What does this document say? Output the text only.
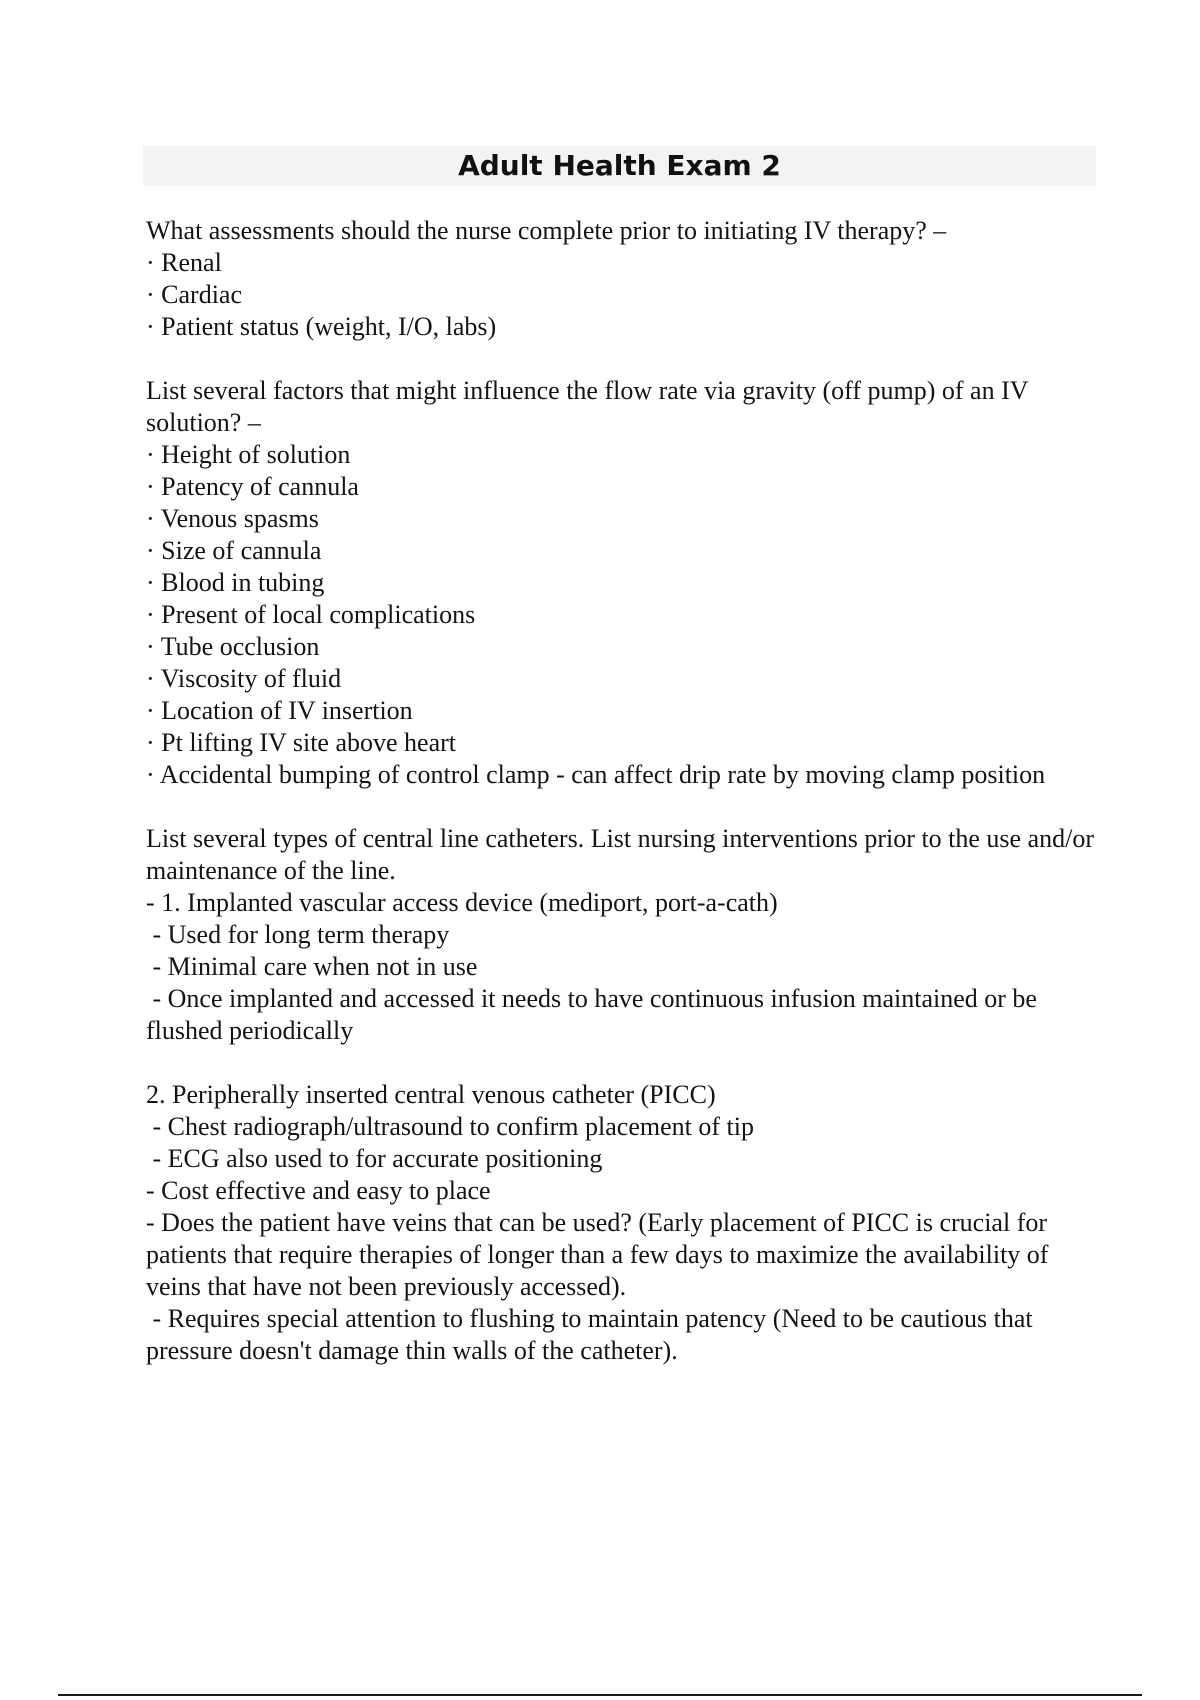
Adult Health Exam 2

What assessments should the nurse complete prior to initiating IV therapy? –

· Renal
· Cardiac
· Patient status (weight, I/O, labs)

List several factors that might influence the flow rate via gravity (off pump) of an IV solution? –

· Height of solution
· Patency of cannula
· Venous spasms
· Size of cannula
· Blood in tubing
· Present of local complications
· Tube occlusion
· Viscosity of fluid
· Location of IV insertion
· Pt lifting IV site above heart
· Accidental bumping of control clamp - can affect drip rate by moving clamp position

List several types of central line catheters. List nursing interventions prior to the use and/or maintenance of the line.

- 1. Implanted vascular access device (mediport, port-a-cath)
- Used for long term therapy
- Minimal care when not in use
- Once implanted and accessed it needs to have continuous infusion maintained or be flushed periodically

2. Peripherally inserted central venous catheter (PICC)

- Chest radiograph/ultrasound to confirm placement of tip
- ECG also used to for accurate positioning
- Cost effective and easy to place
- Does the patient have veins that can be used? (Early placement of PICC is crucial for patients that require therapies of longer than a few days to maximize the availability of veins that have not been previously accessed).
- Requires special attention to flushing to maintain patency (Need to be cautious that pressure doesn't damage thin walls of the catheter).
